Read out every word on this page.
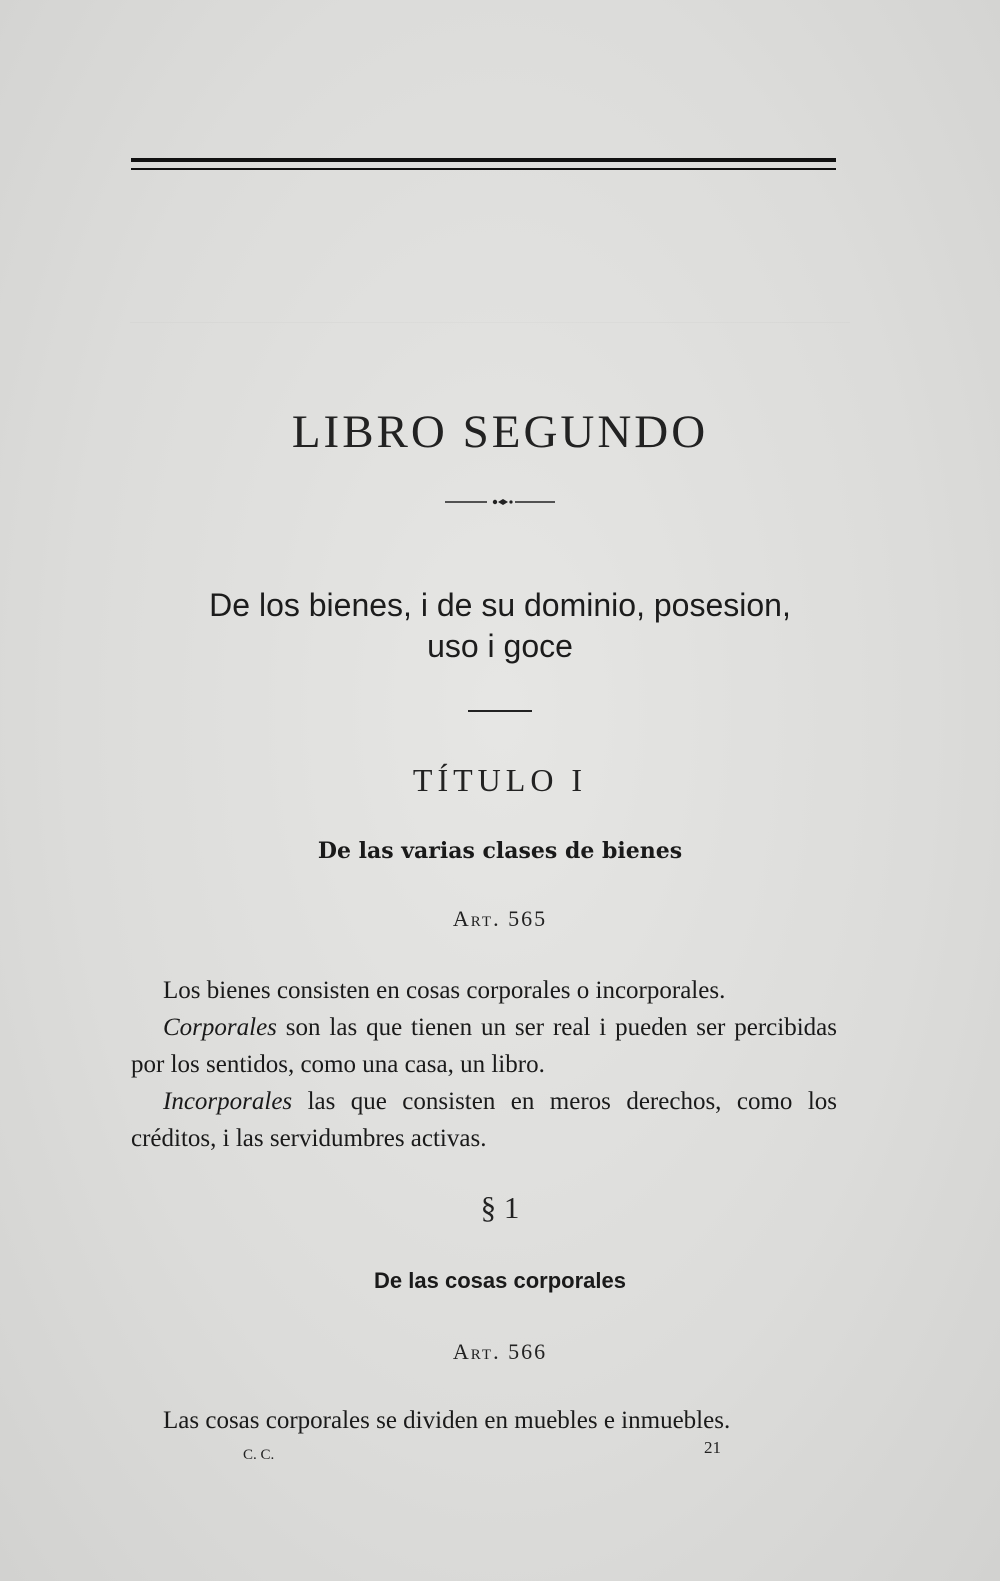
LIBRO SEGUNDO
De los bienes, i de su dominio, posesion,
uso i goce
TÍTULO I
De las varias clases de bienes
Art. 565

Los bienes consisten en cosas corporales o incorporales.

Corporales son las que tienen un ser real i pueden ser percibidas por los sentidos, como una casa, un libro.

Incorporales las que consisten en meros derechos, como los créditos, i las servidumbres activas.

§ 1
De las cosas corporales
Art. 566

Las cosas corporales se dividen en muebles e inmuebles.

C. C.	21
